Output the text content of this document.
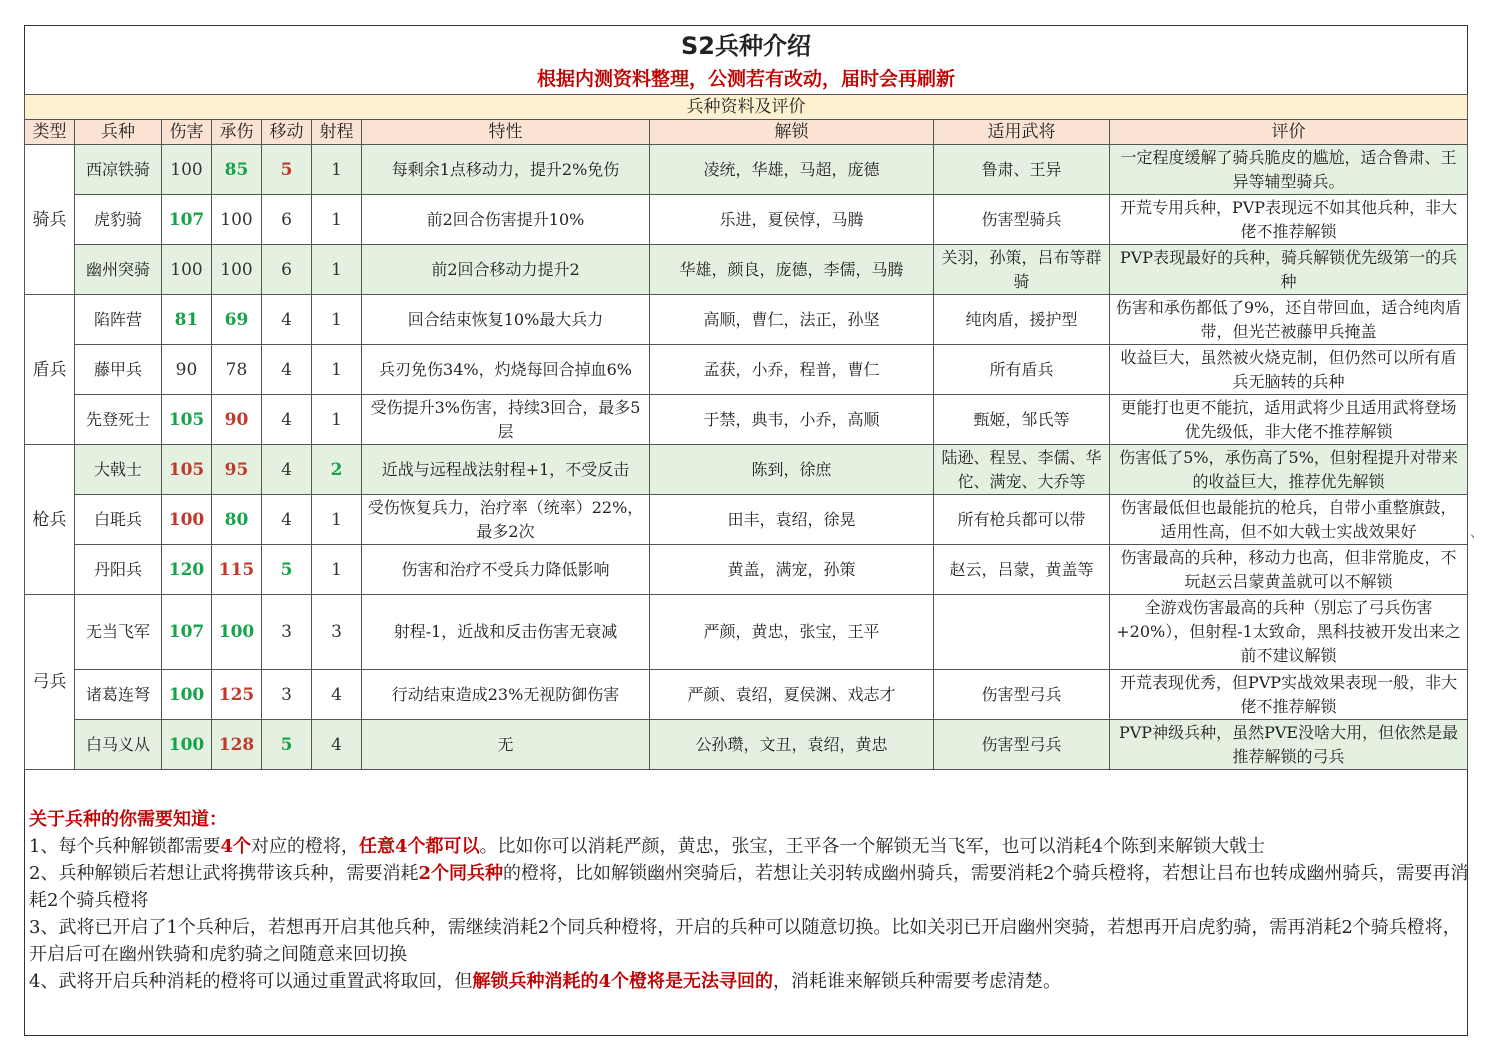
S2兵种介绍
根据内测资料整理，公测若有改动，届时会再刷新
兵种资料及评价									
类型	兵种	伤害	承伤	移动	射程	特性	解锁	适用武将	评价
骑兵	西凉铁骑	100	85	5	1	每剩余1点移动力，提升2%免伤	凌统，华雄，马超，庞德	鲁肃、王异	一定程度缓解了骑兵脆皮的尴尬，适合鲁肃、王异等辅型骑兵。
	虎豹骑	107	100	6	1	前2回合伤害提升10%	乐进，夏侯惇，马腾	伤害型骑兵	开荒专用兵种，PVP表现远不如其他兵种，非大佬不推荐解锁
	幽州突骑	100	100	6	1	前2回合移动力提升2	华雄，颜良，庞德，李儒，马腾	关羽，孙策，吕布等群骑	PVP表现最好的兵种，骑兵解锁优先级第一的兵种
盾兵	陷阵营	81	69	4	1	回合结束恢复10%最大兵力	高顺，曹仁，法正，孙坚	纯肉盾，援护型	伤害和承伤都低了9%，还自带回血，适合纯肉盾带，但光芒被藤甲兵掩盖
	藤甲兵	90	78	4	1	兵刃免伤34%，灼烧每回合掉血6%	孟获，小乔，程普，曹仁	所有盾兵	收益巨大，虽然被火烧克制，但仍然可以所有盾兵无脑转的兵种
	先登死士	105	90	4	1	受伤提升3%伤害，持续3回合，最多5层	于禁，典韦，小乔，高顺	甄姬，邹氏等	更能打也更不能抗，适用武将少且适用武将登场优先级低，非大佬不推荐解锁
枪兵	大戟士	105	95	4	2	近战与远程战法射程+1，不受反击	陈到，徐庶	陆逊、程昱、李儒、华佗、满宠、大乔等	伤害低了5%，承伤高了5%，但射程提升对带来的收益巨大，推荐优先解锁
	白毦兵	100	80	4	1	受伤恢复兵力，治疗率（统率）22%，最多2次	田丰，袁绍，徐晃	所有枪兵都可以带	伤害最低但也最能抗的枪兵，自带小重整旗鼓，适用性高，但不如大戟士实战效果好
	丹阳兵	120	115	5	1	伤害和治疗不受兵力降低影响	黄盖，满宠，孙策	赵云，吕蒙，黄盖等	伤害最高的兵种，移动力也高，但非常脆皮，不玩赵云吕蒙黄盖就可以不解锁
弓兵	无当飞军	107	100	3	3	射程-1，近战和反击伤害无衰减	严颜，黄忠，张宝，王平		全游戏伤害最高的兵种（别忘了弓兵伤害+20%），但射程-1太致命，黑科技被开发出来之前不建议解锁
	诸葛连弩	100	125	3	4	行动结束造成23%无视防御伤害	严颜、袁绍，夏侯渊、戏志才	伤害型弓兵	开荒表现优秀，但PVP实战效果表现一般，非大佬不推荐解锁
	白马义从	100	128	5	4	无	公孙瓒，文丑，袁绍，黄忠	伤害型弓兵	PVP神级兵种，虽然PVE没啥大用，但依然是最推荐解锁的弓兵
关于兵种的你需要知道：
1、每个兵种解锁都需要4个对应的橙将，任意4个都可以。比如你可以消耗严颜，黄忠，张宝，王平各一个解锁无当飞军，也可以消耗4个陈到来解锁大戟士
2、兵种解锁后若想让武将携带该兵种，需要消耗2个同兵种的橙将，比如解锁幽州突骑后，若想让关羽转成幽州骑兵，需要消耗2个骑兵橙将，若想让吕布也转成幽州骑兵，需要再消耗2个骑兵橙将
3、武将已开启了1个兵种后，若想再开启其他兵种，需继续消耗2个同兵种橙将，开启的兵种可以随意切换。比如关羽已开启幽州突骑，若想再开启虎豹骑，需再消耗2个骑兵橙将，开启后可在幽州铁骑和虎豹骑之间随意来回切换
4、武将开启兵种消耗的橙将可以通过重置武将取回，但解锁兵种消耗的4个橙将是无法寻回的，消耗谁来解锁兵种需要考虑清楚。
、
